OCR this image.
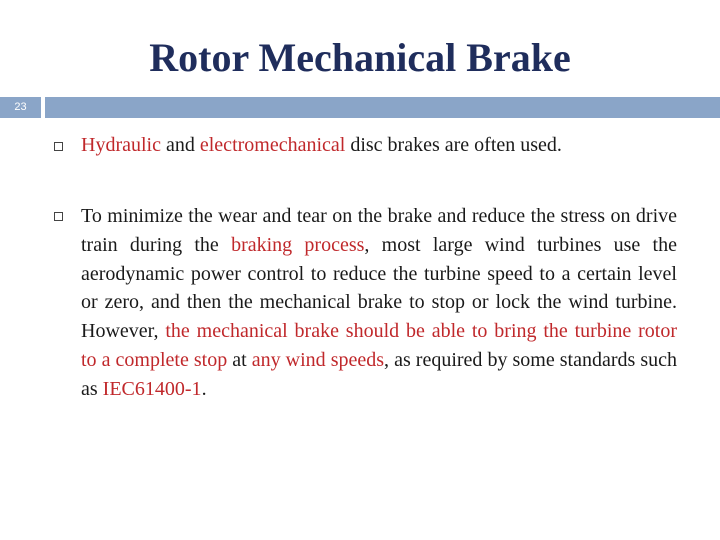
Rotor Mechanical Brake
23
Hydraulic and electromechanical disc brakes are often used.
To minimize the wear and tear on the brake and reduce the stress on drive train during the braking process, most large wind turbines use the aerodynamic power control to reduce the turbine speed to a certain level or zero, and then the mechanical brake to stop or lock the wind turbine. However, the mechanical brake should be able to bring the turbine rotor to a complete stop at any wind speeds, as required by some standards such as IEC61400-1.
